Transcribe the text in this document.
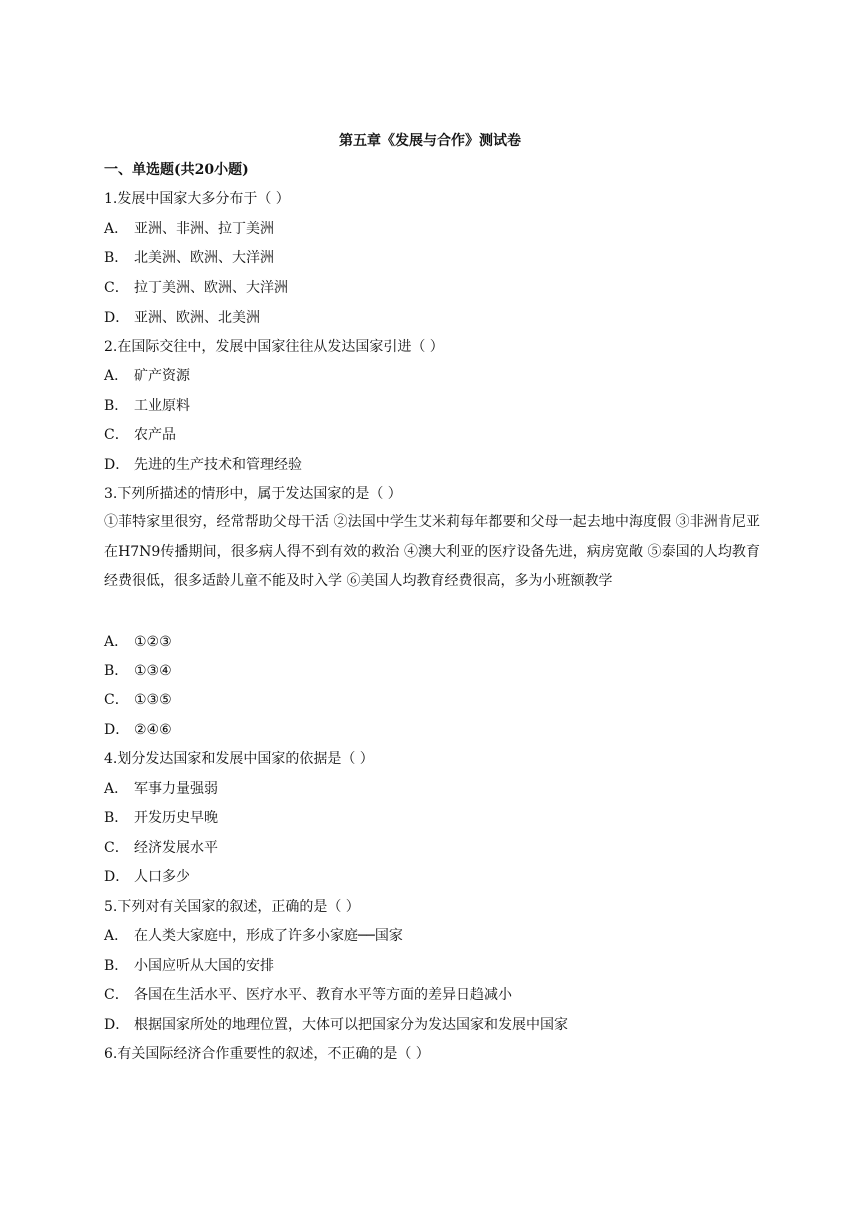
第五章《发展与合作》测试卷
一、单选题(共20小题)
1.发展中国家大多分布于（ ）
A． 亚洲、非洲、拉丁美洲
B． 北美洲、欧洲、大洋洲
C． 拉丁美洲、欧洲、大洋洲
D． 亚洲、欧洲、北美洲
2.在国际交往中，发展中国家往往从发达国家引进（ ）
A． 矿产资源
B． 工业原料
C． 农产品
D． 先进的生产技术和管理经验
3.下列所描述的情形中，属于发达国家的是（ ）
①菲特家里很穷，经常帮助父母干活 ②法国中学生艾米莉每年都要和父母一起去地中海度假 ③非洲肯尼亚在H7N9传播期间，很多病人得不到有效的救治 ④澳大利亚的医疗设备先进，病房宽敞 ⑤泰国的人均教育经费很低，很多适龄儿童不能及时入学 ⑥美国人均教育经费很高，多为小班额教学
A． ①②③
B． ①③④
C． ①③⑤
D． ②④⑥
4.划分发达国家和发展中国家的依据是（ ）
A． 军事力量强弱
B． 开发历史早晚
C． 经济发展水平
D． 人口多少
5.下列对有关国家的叙述，正确的是（ ）
A． 在人类大家庭中，形成了许多小家庭──国家
B． 小国应听从大国的安排
C． 各国在生活水平、医疗水平、教育水平等方面的差异日趋减小
D． 根据国家所处的地理位置，大体可以把国家分为发达国家和发展中国家
6.有关国际经济合作重要性的叙述，不正确的是（ ）
